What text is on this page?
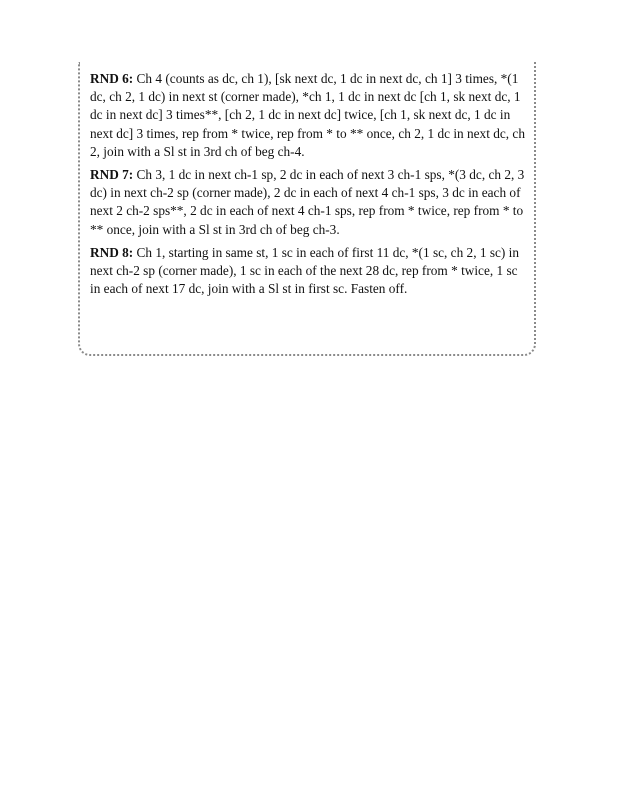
RND 6: Ch 4 (counts as dc, ch 1), [sk next dc, 1 dc in next dc, ch 1] 3 times, *(1 dc, ch 2, 1 dc) in next st (corner made), *ch 1, 1 dc in next dc [ch 1, sk next dc, 1 dc in next dc] 3 times**, [ch 2, 1 dc in next dc] twice, [ch 1, sk next dc, 1 dc in next dc] 3 times, rep from * twice, rep from * to ** once, ch 2, 1 dc in next dc, ch 2, join with a Sl st in 3rd ch of beg ch-4.

RND 7: Ch 3, 1 dc in next ch-1 sp, 2 dc in each of next 3 ch-1 sps, *(3 dc, ch 2, 3 dc) in next ch-2 sp (corner made), 2 dc in each of next 4 ch-1 sps, 3 dc in each of next 2 ch-2 sps**, 2 dc in each of next 4 ch-1 sps, rep from * twice, rep from * to ** once, join with a Sl st in 3rd ch of beg ch-3.

RND 8: Ch 1, starting in same st, 1 sc in each of first 11 dc, *(1 sc, ch 2, 1 sc) in next ch-2 sp (corner made), 1 sc in each of the next 28 dc, rep from * twice, 1 sc in each of next 17 dc, join with a Sl st in first sc. Fasten off.
